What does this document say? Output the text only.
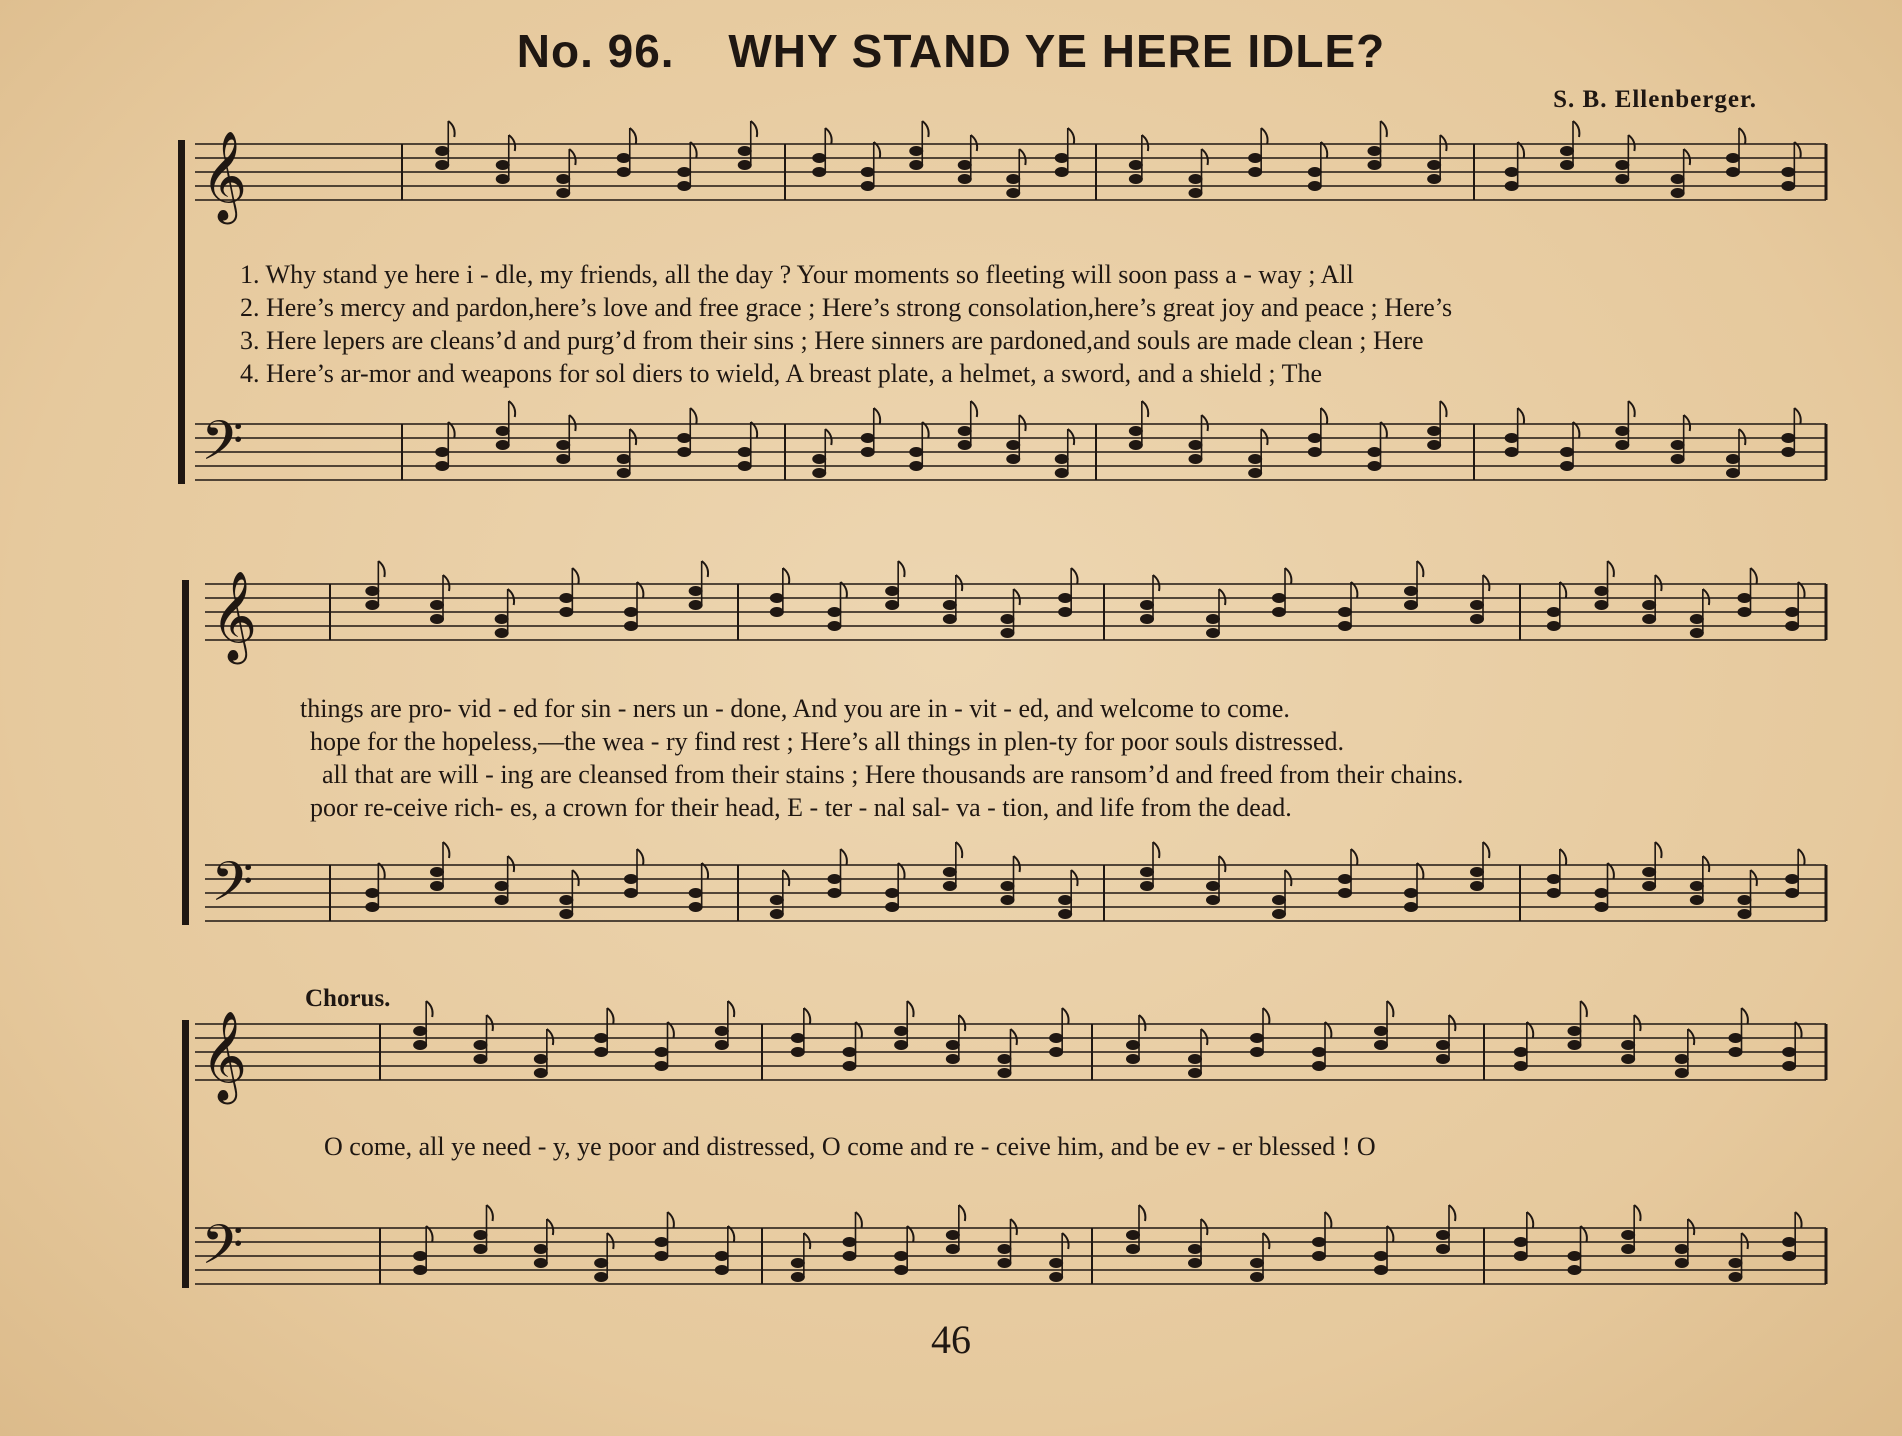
No. 96. WHY STAND YE HERE IDLE?
S. B. Ellenberger.
𝄞
𝄢
𝄞
𝄢
𝄞
𝄢
1. Why stand ye here i - dle, my friends, all the day ? Your moments so fleeting will soon pass a - way ; All
2. Here’s mercy and pardon,here’s love and free grace ; Here’s strong consolation,here’s great joy and peace ; Here’s
3. Here lepers are cleans’d and purg’d from their sins ; Here sinners are pardoned,and souls are made clean ; Here
4. Here’s ar-mor and weapons for sol diers to wield, A breast plate, a helmet, a sword, and a shield ; The
things are pro- vid - ed for sin - ners un - done, And you are in - vit - ed, and welcome to come.
hope for the hopeless,—the wea - ry find rest ; Here’s all things in plen-ty for poor souls distressed.
all that are will - ing are cleansed from their stains ; Here thousands are ransom’d and freed from their chains.
poor re-ceive rich- es, a crown for their head, E - ter - nal sal- va - tion, and life from the dead.
Chorus.
O come, all ye need - y, ye poor and distressed, O come and re - ceive him, and be ev - er blessed ! O
46
